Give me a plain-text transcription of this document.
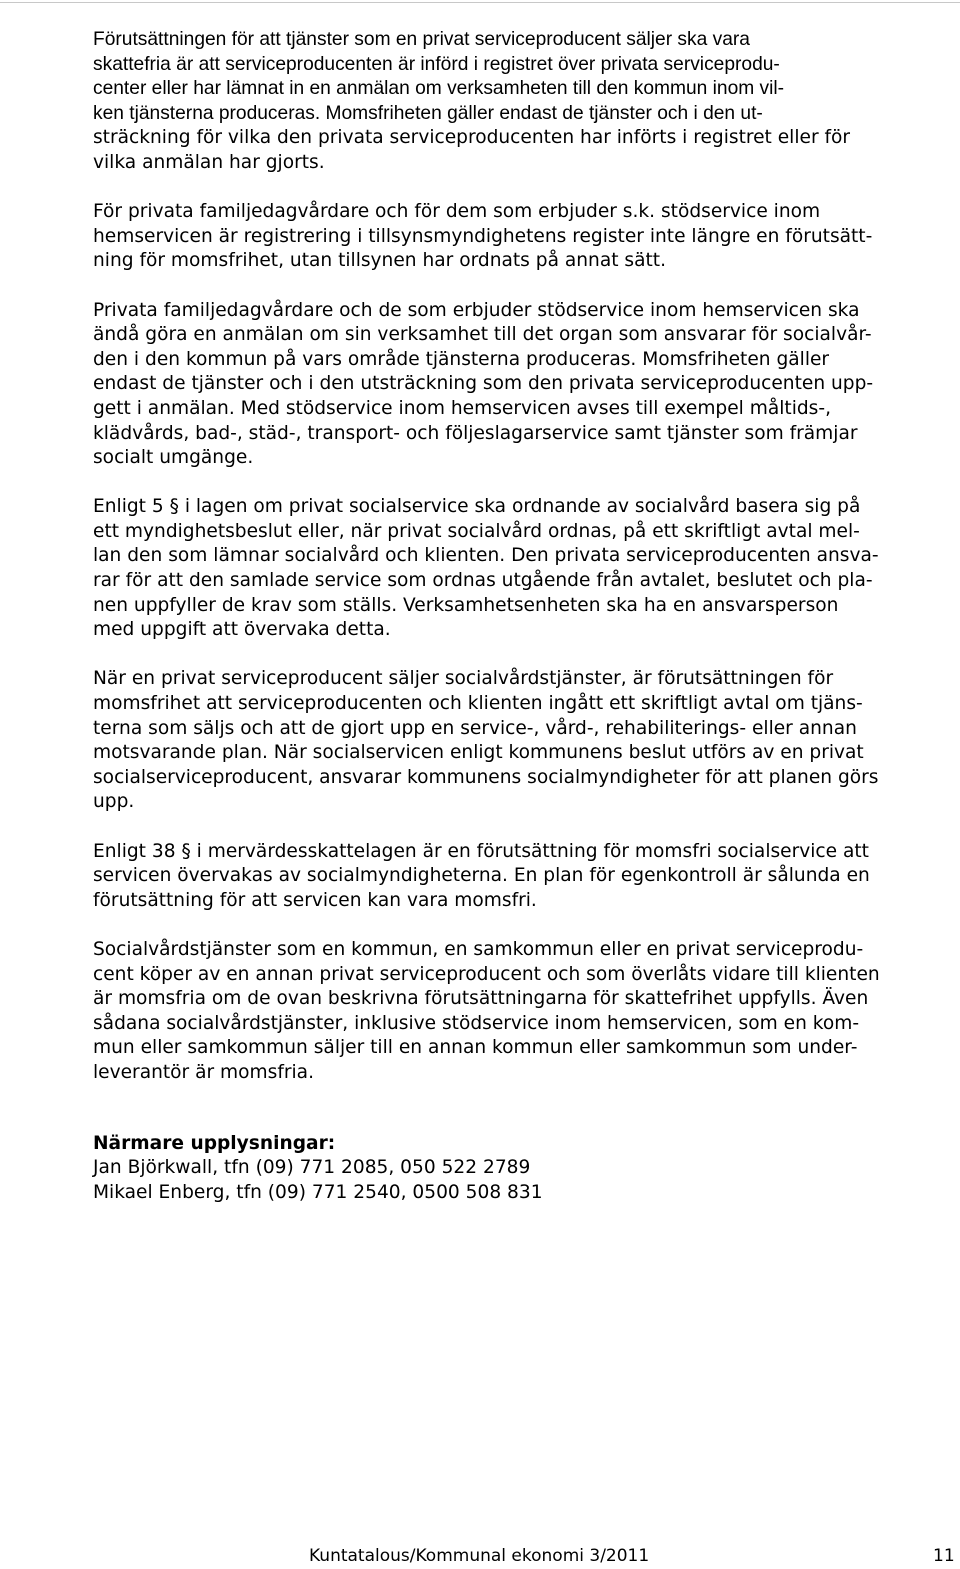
Förutsättningen för att tjänster som en privat serviceproducent säljer ska vara
skattefria är att serviceproducenten är införd i registret över privata serviceprodu-
center eller har lämnat in en anmälan om verksamheten till den kommun inom vil-
ken tjänsterna produceras. Momsfriheten gäller endast de tjänster och i den ut-
sträckning för vilka den privata serviceproducenten har införts i registret eller för
vilka anmälan har gjorts.

För privata familjedagvårdare och för dem som erbjuder s.k. stödservice inom
hemservicen är registrering i tillsynsmyndighetens register inte längre en förutsätt-
ning för momsfrihet, utan tillsynen har ordnats på annat sätt.

Privata familjedagvårdare och de som erbjuder stödservice inom hemservicen ska
ändå göra en anmälan om sin verksamhet till det organ som ansvarar för socialvår-
den i den kommun på vars område tjänsterna produceras. Momsfriheten gäller
endast de tjänster och i den utsträckning som den privata serviceproducenten upp-
gett i anmälan. Med stödservice inom hemservicen avses till exempel måltids-,
klädvårds, bad-, städ-, transport- och följeslagarservice samt tjänster som främjar
socialt umgänge.

Enligt 5 § i lagen om privat socialservice ska ordnande av socialvård basera sig på
ett myndighetsbeslut eller, när privat socialvård ordnas, på ett skriftligt avtal mel-
lan den som lämnar socialvård och klienten. Den privata serviceproducenten ansva-
rar för att den samlade service som ordnas utgående från avtalet, beslutet och pla-
nen uppfyller de krav som ställs. Verksamhetsenheten ska ha en ansvarsperson
med uppgift att övervaka detta.

När en privat serviceproducent säljer socialvårdstjänster, är förutsättningen för
momsfrihet att serviceproducenten och klienten ingått ett skriftligt avtal om tjäns-
terna som säljs och att de gjort upp en service-, vård-, rehabiliterings- eller annan
motsvarande plan. När socialservicen enligt kommunens beslut utförs av en privat
socialserviceproducent, ansvarar kommunens socialmyndigheter för att planen görs
upp.

Enligt 38 § i mervärdesskattelagen är en förutsättning för momsfri socialservice att
servicen övervakas av socialmyndigheterna. En plan för egenkontroll är sålunda en
förutsättning för att servicen kan vara momsfri.

Socialvårdstjänster som en kommun, en samkommun eller en privat serviceprodu-
cent köper av en annan privat serviceproducent och som överlåts vidare till klienten
är momsfria om de ovan beskrivna förutsättningarna för skattefrihet uppfylls. Även
sådana socialvårdstjänster, inklusive stödservice inom hemservicen, som en kom-
mun eller samkommun säljer till en annan kommun eller samkommun som under-
leverantör är momsfria.

Närmare upplysningar:

Jan Björkwall, tfn (09) 771 2085, 050 522 2789

Mikael Enberg, tfn (09) 771 2540, 0500 508 831

Kuntatalous/Kommunal ekonomi 3/2011	11
